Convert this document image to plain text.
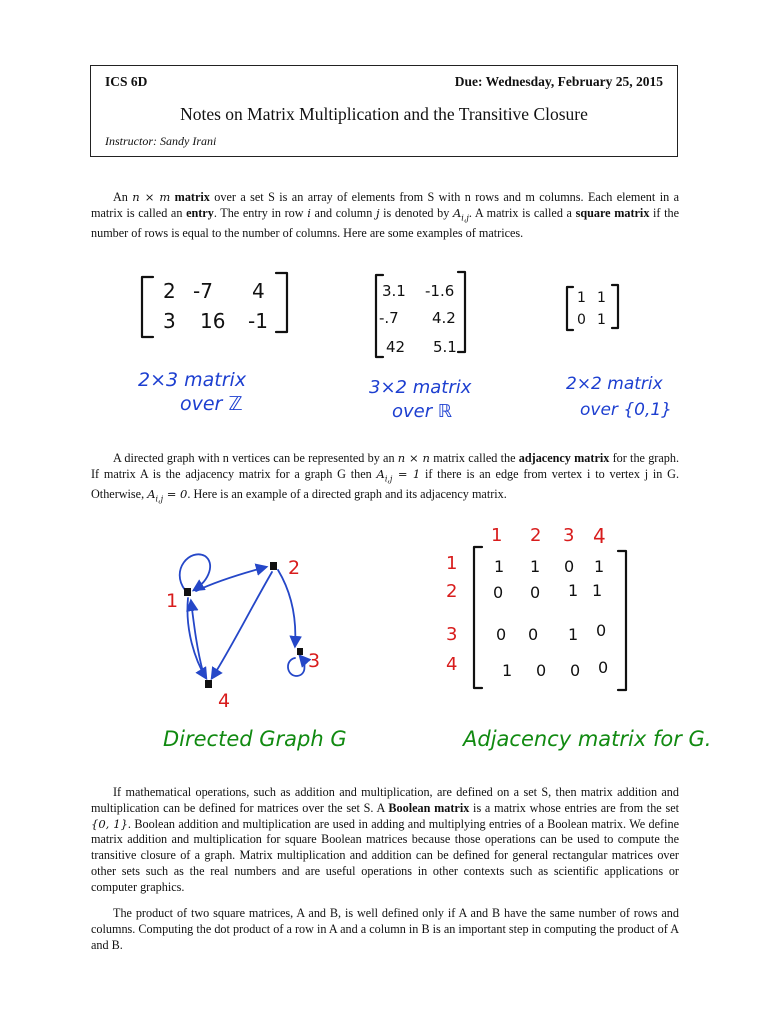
ICS 6D	Due: Wednesday, February 25, 2015
Notes on Matrix Multiplication and the Transitive Closure
Instructor: Sandy Irani

An n × m matrix over a set S is an array of elements from S with n rows and m columns. Each element in a matrix is called an entry. The entry in row i and column j is denoted by $A_{i,j}$. A matrix is called a square matrix if the number of rows is equal to the number of columns. Here are some examples of matrices.

2 -7 4
3 16 -1
2×3 matrix
over ℤ
3.1 -1.6
-.7 4.2
42 5.1
3×2 matrix
over ℝ
1 1
0 1
2×2 matrix
over {0,1}

A directed graph with n vertices can be represented by an n × n matrix called the adjacency matrix for the graph. If matrix A is the adjacency matrix for a graph G then $A_{i,j} = 1$ if there is an edge from vertex i to vertex j in G. Otherwise, $A_{i,j} = 0$. Here is an example of a directed graph and its adjacency matrix.

1
2
3
4
Directed Graph G
1 2 3 4
1
2
3
4
1 1 0 1
0 0 1 1
0 0 1 0
1 0 0 0
Adjacency matrix for G.

If mathematical operations, such as addition and multiplication, are defined on a set S, then matrix addition and multiplication can be defined for matrices over the set S. A Boolean matrix is a matrix whose entries are from the set {0, 1}. Boolean addition and multiplication are used in adding and multiplying entries of a Boolean matrix. We define matrix addition and multiplication for square Boolean matrices because those operations can be used to compute the transitive closure of a graph. Matrix multiplication and addition can be defined for general rectangular matrices over other sets such as the real numbers and are useful operations in other contexts such as scientific applications or computer graphics.

The product of two square matrices, A and B, is well defined only if A and B have the same number of rows and columns. Computing the dot product of a row in A and a column in B is an important step in computing the product of A and B.
